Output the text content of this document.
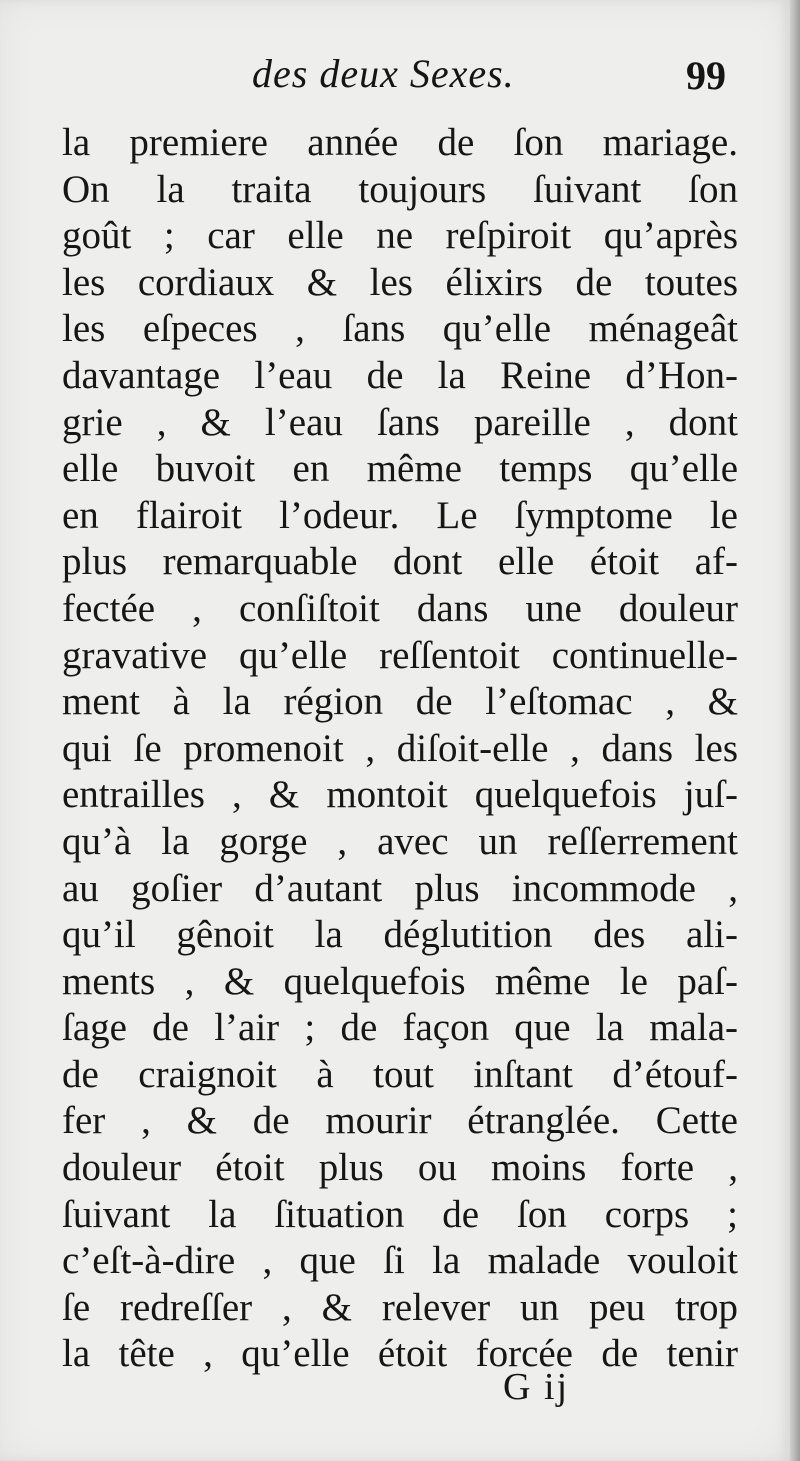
des deux Sexes.	99
la premiere année de ſon mariage.
On la traita toujours ſuivant ſon
goût ; car elle ne reſpiroit qu’après
les cordiaux & les élixirs de toutes
les eſpeces , ſans qu’elle ménageât
davantage l’eau de la Reine d’Hon-
grie , & l’eau ſans pareille , dont
elle buvoit en même temps qu’elle
en flairoit l’odeur. Le ſymptome le
plus remarquable dont elle étoit af-
fectée , conſiſtoit dans une douleur
gravative qu’elle reſſentoit continuelle-
ment à la région de l’eſtomac , &
qui ſe promenoit , diſoit-elle , dans les
entrailles , & montoit quelquefois juſ-
qu’à la gorge , avec un reſſerrement
au goſier d’autant plus incommode ,
qu’il gênoit la déglutition des ali-
ments , & quelquefois même le paſ-
ſage de l’air ; de façon que la mala-
de craignoit à tout inſtant d’étouf-
fer , & de mourir étranglée. Cette
douleur étoit plus ou moins forte ,
ſuivant la ſituation de ſon corps ;
c’eſt-à-dire , que ſi la malade vouloit
ſe redreſſer , & relever un peu trop
la tête , qu’elle étoit forcée de tenir
G ij
